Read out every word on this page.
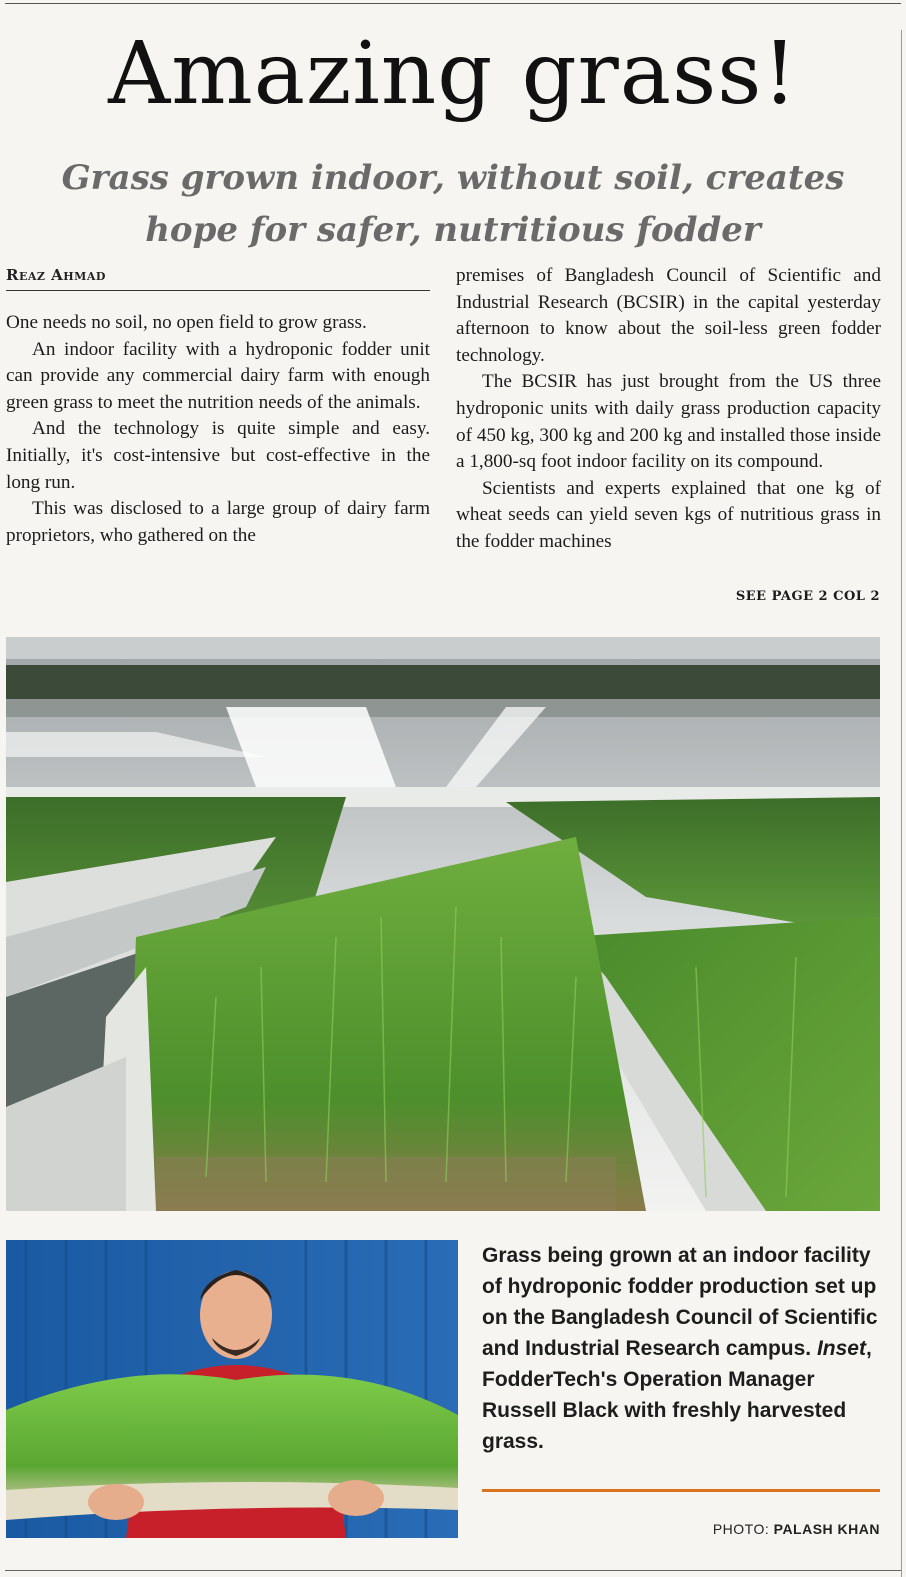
Amazing grass!
Grass grown indoor, without soil, creates hope for safer, nutritious fodder
Reaz Ahmad

One needs no soil, no open field to grow grass.

An indoor facility with a hydroponic fodder unit can provide any commercial dairy farm with enough green grass to meet the nutrition needs of the animals.

And the technology is quite simple and easy. Initially, it's cost-intensive but cost-effective in the long run.

This was disclosed to a large group of dairy farm proprietors, who gathered on the

premises of Bangladesh Council of Scientific and Industrial Research (BCSIR) in the capital yesterday afternoon to know about the soil-less green fodder technology.

The BCSIR has just brought from the US three hydroponic units with daily grass production capacity of 450 kg, 300 kg and 200 kg and installed those inside a 1,800-sq foot indoor facility on its compound.

Scientists and experts explained that one kg of wheat seeds can yield seven kgs of nutritious grass in the fodder machines

SEE PAGE 2 COL 2
Grass being grown at an indoor facility of hydroponic fodder production set up on the Bangladesh Council of Scientific and Industrial Research campus. Inset, FodderTech's Operation Manager Russell Black with freshly harvested grass.
PHOTO: PALASH KHAN
